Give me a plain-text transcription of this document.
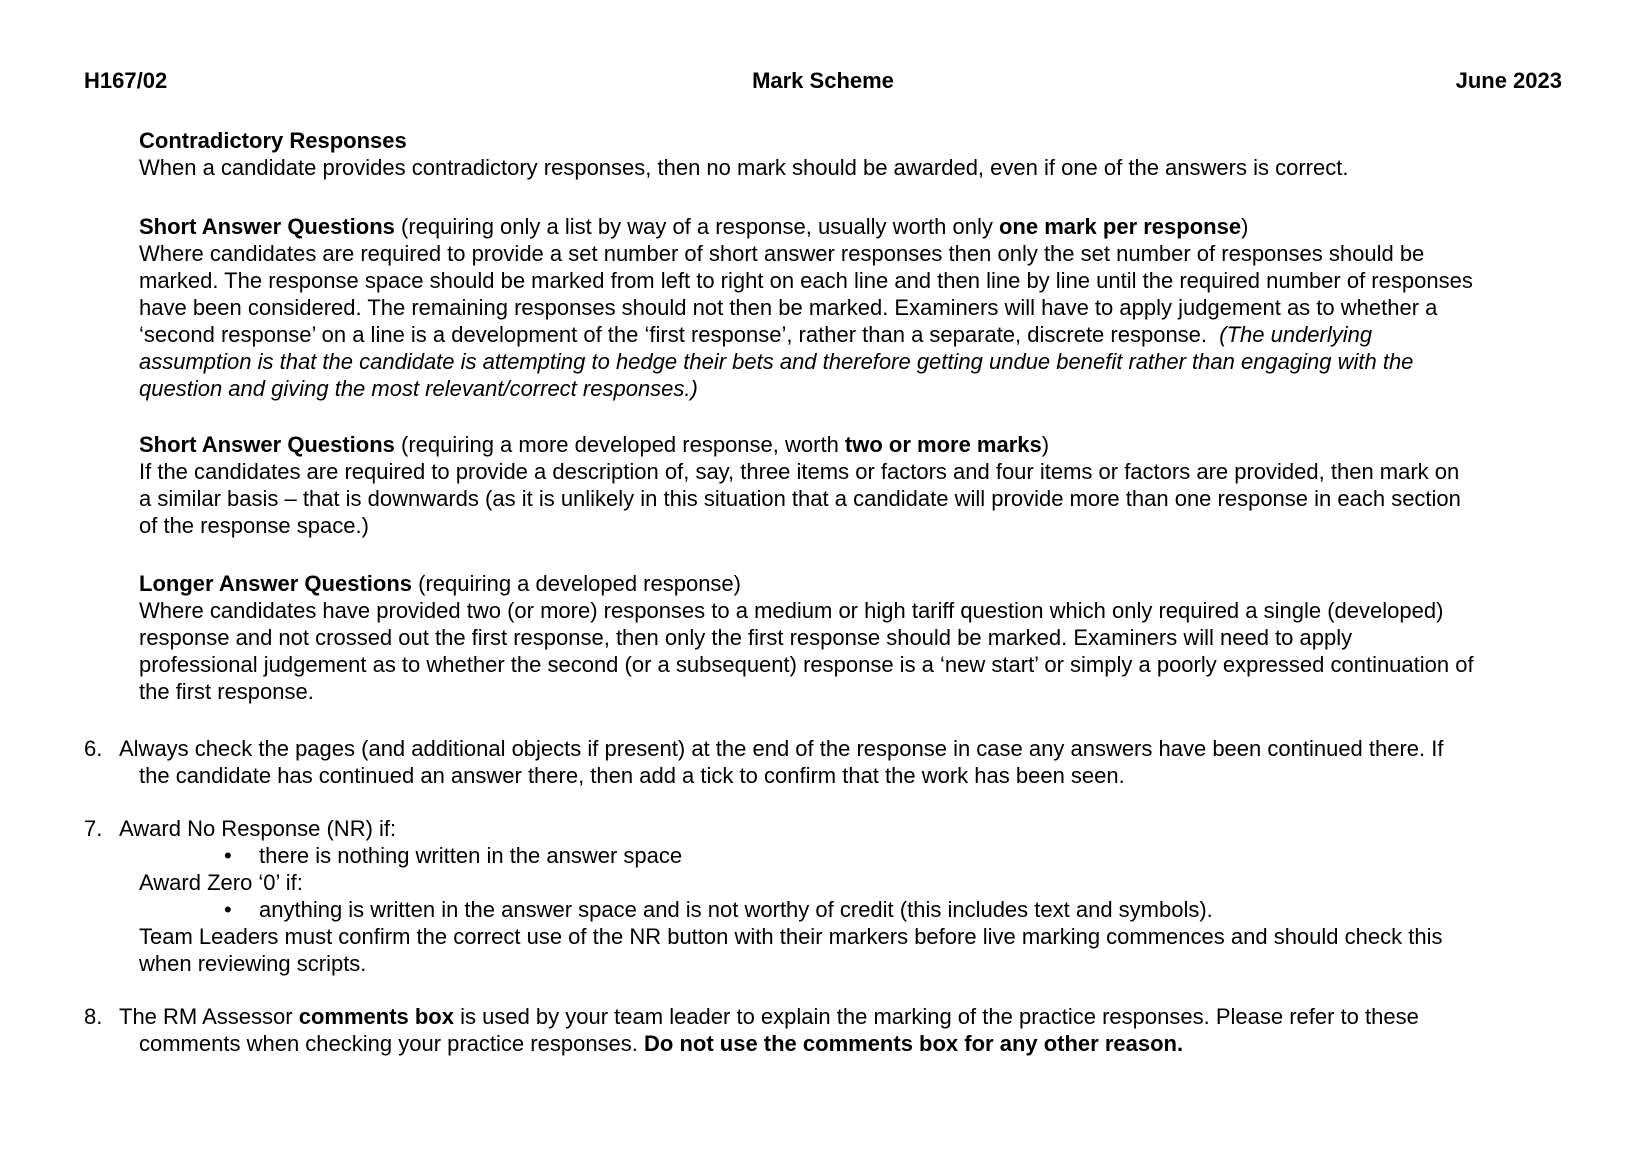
H167/02	Mark Scheme	June 2023
Contradictory Responses
When a candidate provides contradictory responses, then no mark should be awarded, even if one of the answers is correct.
Short Answer Questions (requiring only a list by way of a response, usually worth only one mark per response)
Where candidates are required to provide a set number of short answer responses then only the set number of responses should be
marked. The response space should be marked from left to right on each line and then line by line until the required number of responses
have been considered. The remaining responses should not then be marked. Examiners will have to apply judgement as to whether a
‘second response’ on a line is a development of the ‘first response’, rather than a separate, discrete response.  (The underlying
assumption is that the candidate is attempting to hedge their bets and therefore getting undue benefit rather than engaging with the
question and giving the most relevant/correct responses.)
Short Answer Questions (requiring a more developed response, worth two or more marks)
If the candidates are required to provide a description of, say, three items or factors and four items or factors are provided, then mark on
a similar basis – that is downwards (as it is unlikely in this situation that a candidate will provide more than one response in each section
of the response space.)
Longer Answer Questions (requiring a developed response)
Where candidates have provided two (or more) responses to a medium or high tariff question which only required a single (developed)
response and not crossed out the first response, then only the first response should be marked. Examiners will need to apply
professional judgement as to whether the second (or a subsequent) response is a ‘new start’ or simply a poorly expressed continuation of
the first response.
6. Always check the pages (and additional objects if present) at the end of the response in case any answers have been continued there. If
the candidate has continued an answer there, then add a tick to confirm that the work has been seen.
7. Award No Response (NR) if:
• there is nothing written in the answer space
Award Zero ‘0’ if:
• anything is written in the answer space and is not worthy of credit (this includes text and symbols).
Team Leaders must confirm the correct use of the NR button with their markers before live marking commences and should check this
when reviewing scripts.
8. The RM Assessor comments box is used by your team leader to explain the marking of the practice responses. Please refer to these
comments when checking your practice responses. Do not use the comments box for any other reason.
